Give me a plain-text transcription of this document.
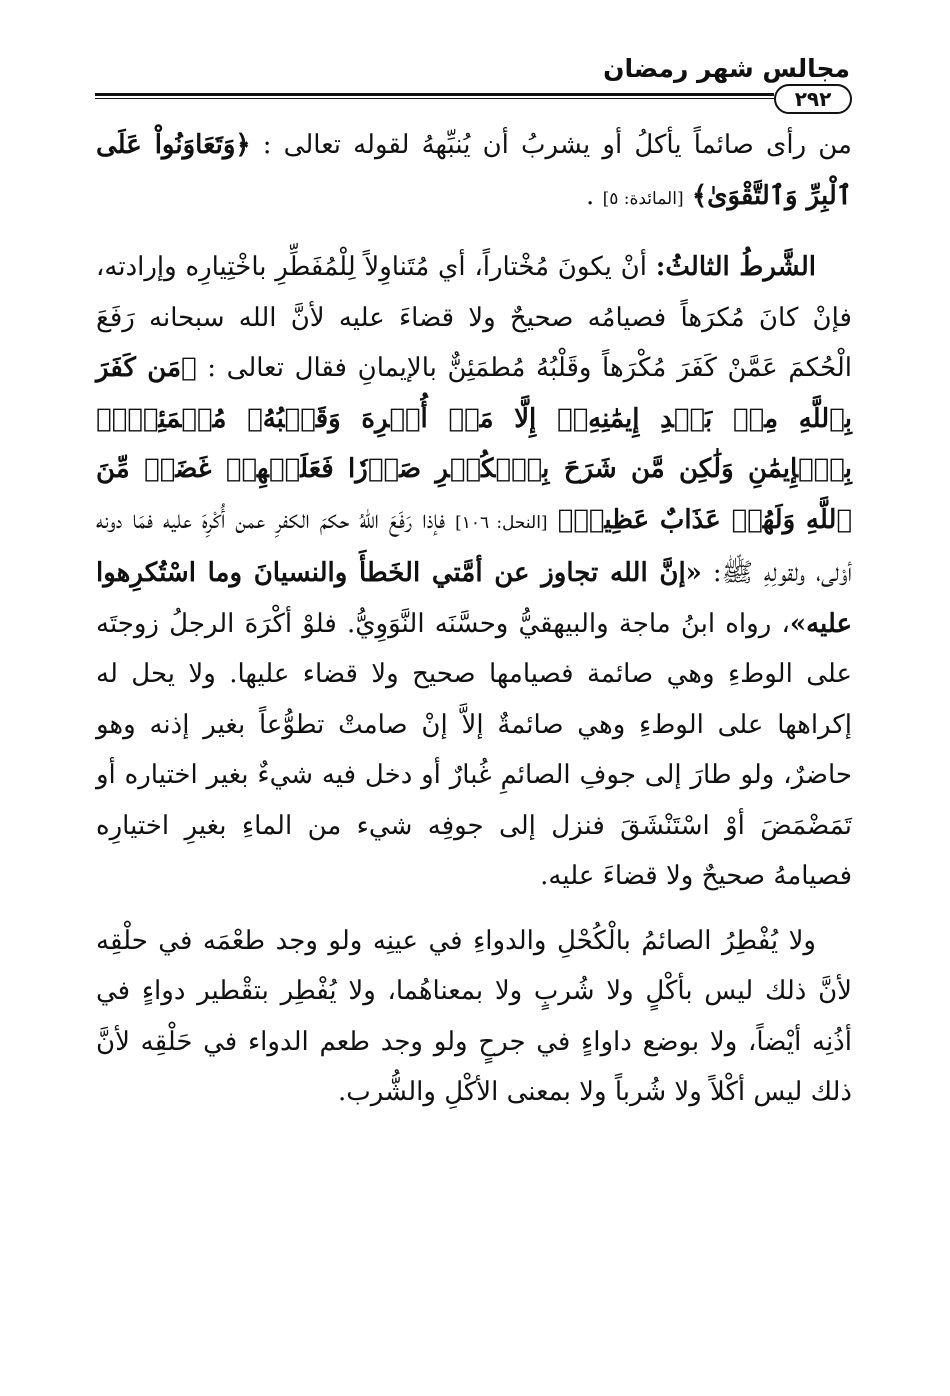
مجالس شهر رمضان
٢٩٢

من رأى صائماً يأكلُ أو يشربُ أن يُنبِّههُ لقوله تعالى : ﴿وَتَعَاوَنُواْ عَلَى ٱلْبِرِّ وَٱلتَّقْوَىٰ﴾ [المائدة: ٥] .

الشَّرطُ الثالثُ: أنْ يكونَ مُخْتاراً، أي مُتَناوِلاً لِلْمُفَطِّرِ باخْتِيارِه وإرادته، فإنْ كانَ مُكرَهاً فصيامُه صحيحٌ ولا قضاءَ عليه لأنَّ الله سبحانه رَفَعَ الْحُكمَ عَمَّنْ كَفَرَ مُكْرَهاً وقَلْبُهُ مُطمَئِنٌّ بالإيمانِ فقال تعالى : ﴿مَن كَفَرَ بِٱللَّهِ مِنۢ بَعۡدِ إِيمَٰنِهِۦٓ إِلَّا مَنۡ أُكۡرِهَ وَقَلۡبُهُۥ مُطۡمَئِنُّۢ بِٱلۡإِيمَٰنِ وَلَٰكِن مَّن شَرَحَ بِٱلۡكُفۡرِ صَدۡرٗا فَعَلَيۡهِمۡ غَضَبٞ مِّنَ ٱللَّهِ وَلَهُمۡ عَذَابٌ عَظِيمٞ﴾ [النحل: ١٠٦] فإذا رَفَعَ اللهُ حكمَ الكفرِ عمن أُكْرِهَ عليه فمَا دونه أوْلى، ولقولِهِ ﷺ: «إنَّ الله تجاوز عن أمَّتي الخَطأَ والنسيانَ وما اسْتُكرِهوا عليه»، رواه ابنُ ماجة والبيهقيُّ وحسَّنَه النَّوَوِيُّ. فلوْ أكْرَهَ الرجلُ زوجتَه على الوطءِ وهي صائمة فصيامها صحيح ولا قضاء عليها. ولا يحل له إكراهها على الوطءِ وهي صائمةٌ إلاَّ إنْ صامتْ تطوُّعاً بغير إذنه وهو حاضرٌ، ولو طارَ إلى جوفِ الصائمِ غُبارٌ أو دخل فيه شيءٌ بغير اختياره أو تَمَضْمَضَ أوْ اسْتَنْشَقَ فنزل إلى جوفِه شيء من الماءِ بغيرِ اختيارِه فصيامهُ صحيحٌ ولا قضاءَ عليه.

ولا يُفْطِرُ الصائمُ بالْكُحْلِ والدواءِ في عينِه ولو وجد طعْمَه في حلْقِه لأنَّ ذلك ليس بأكْلٍ ولا شُربٍ ولا بمعناهُما، ولا يُفْطِر بتقْطير دواءٍ في أذُنِه أيْضاً، ولا بوضع داواءٍ في جرحٍ ولو وجد طعم الدواء في حَلْقِه لأنَّ ذلك ليس أكْلاً ولا شُرباً ولا بمعنى الأكْلِ والشُّرب.
